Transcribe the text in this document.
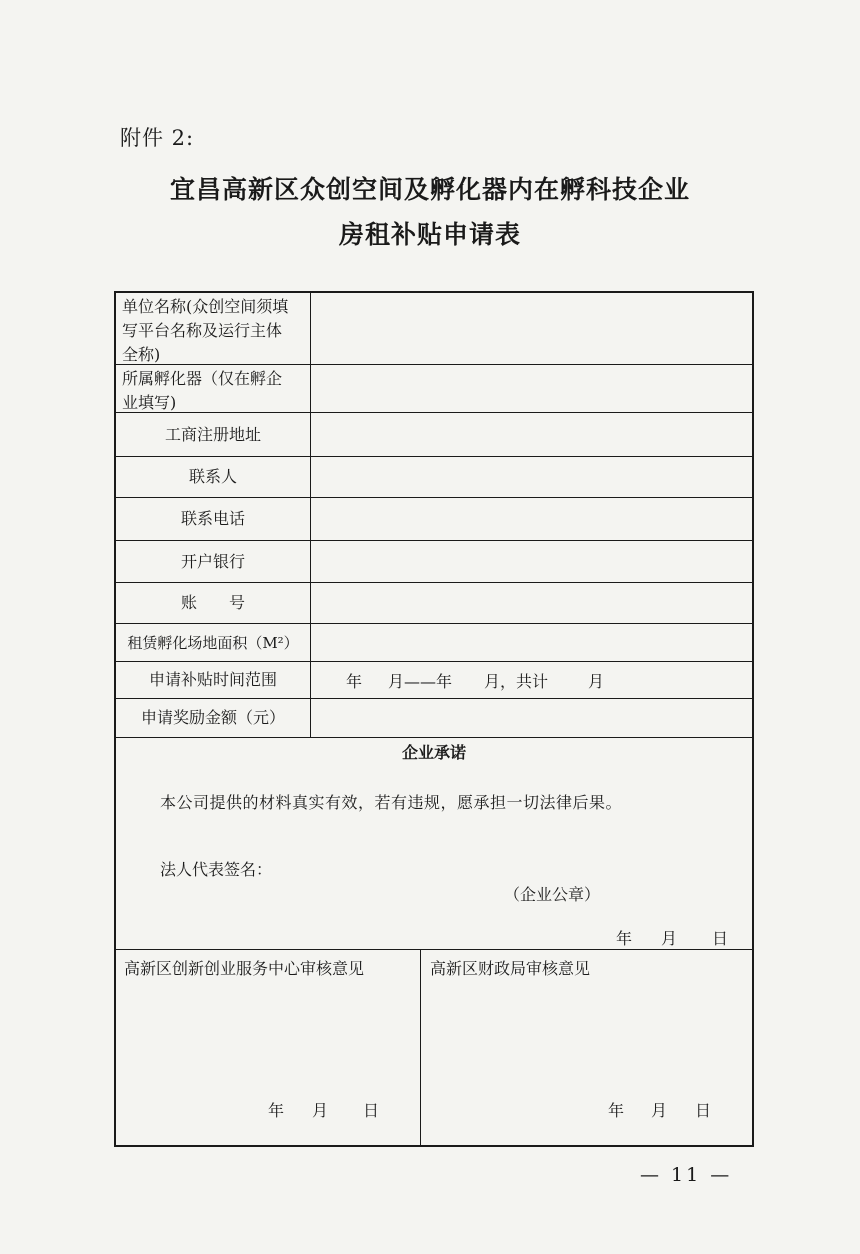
附件 2:
宜昌高新区众创空间及孵化器内在孵科技企业
房租补贴申请表
单位名称(众创空间须填
写平台名称及运行主体
全称)
所属孵化器（仅在孵企
业填写)
工商注册地址
联系人
联系电话
开户银行
账　　号
租赁孵化场地面积（M²）
申请补贴时间范围	年 月——年 月，共计 月
申请奖励金额（元）
企业承诺
本公司提供的材料真实有效，若有违规，愿承担一切法律后果。
法人代表签名：
（企业公章）
年 月 日
高新区创新创业服务中心审核意见
年 月 日
高新区财政局审核意见
年 月 日
— 11 —
